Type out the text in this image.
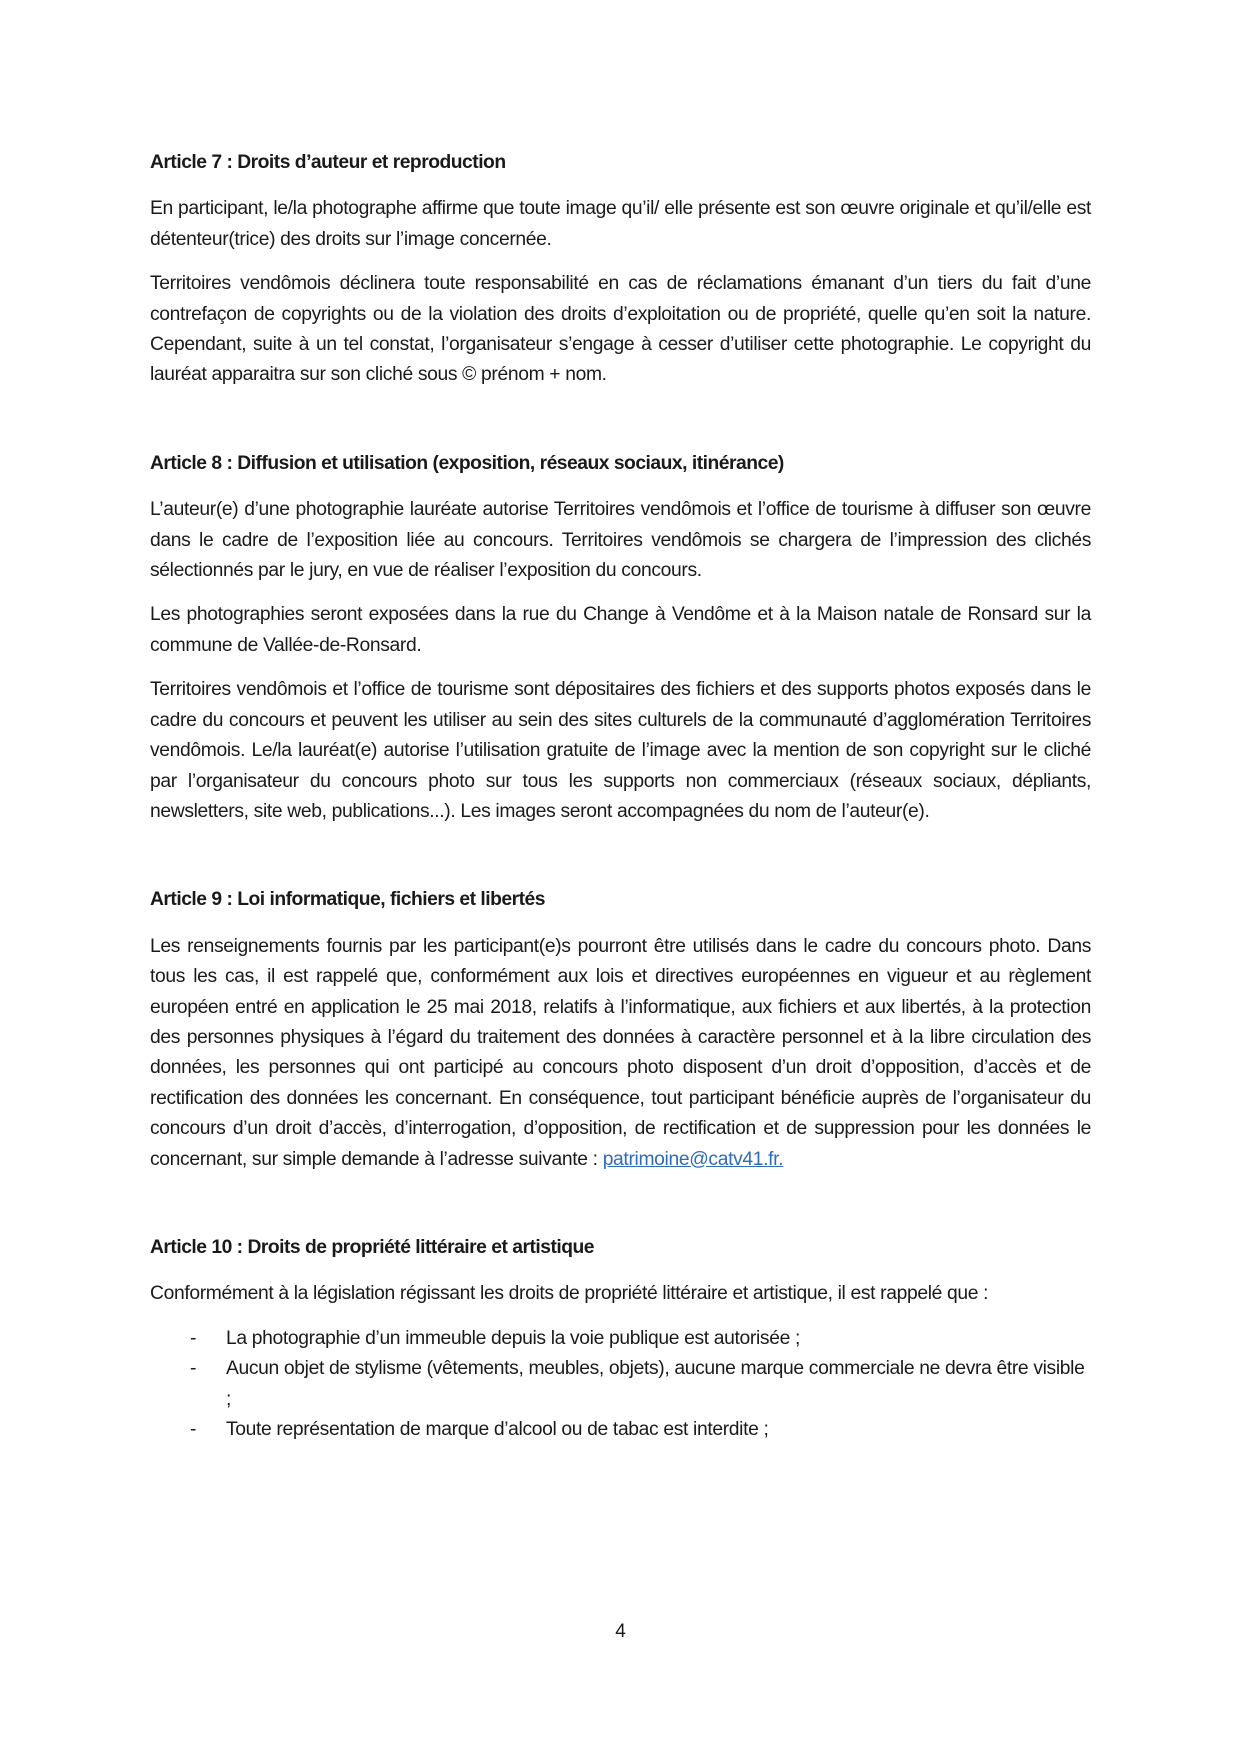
Article 7 : Droits d’auteur et reproduction

En participant, le/la photographe affirme que toute image qu’il/ elle présente est son œuvre originale et qu’il/elle est détenteur(trice) des droits sur l’image concernée.

Territoires vendômois déclinera toute responsabilité en cas de réclamations émanant d’un tiers du fait d’une contrefaçon de copyrights ou de la violation des droits d’exploitation ou de propriété, quelle qu’en soit la nature. Cependant, suite à un tel constat, l’organisateur s’engage à cesser d’utiliser cette photographie. Le copyright du lauréat apparaitra sur son cliché sous © prénom + nom.

Article 8 : Diffusion et utilisation (exposition, réseaux sociaux, itinérance)

L’auteur(e) d’une photographie lauréate autorise Territoires vendômois et l’office de tourisme à diffuser son œuvre dans le cadre de l’exposition liée au concours. Territoires vendômois se chargera de l’impression des clichés sélectionnés par le jury, en vue de réaliser l’exposition du concours.

Les photographies seront exposées dans la rue du Change à Vendôme et à la Maison natale de Ronsard sur la commune de Vallée-de-Ronsard.

Territoires vendômois et l’office de tourisme sont dépositaires des fichiers et des supports photos exposés dans le cadre du concours et peuvent les utiliser au sein des sites culturels de la communauté d’agglomération Territoires vendômois. Le/la lauréat(e) autorise l’utilisation gratuite de l’image avec la mention de son copyright sur le cliché par l’organisateur du concours photo sur tous les supports non commerciaux (réseaux sociaux, dépliants, newsletters, site web, publications...). Les images seront accompagnées du nom de l’auteur(e).

Article 9 : Loi informatique, fichiers et libertés

Les renseignements fournis par les participant(e)s pourront être utilisés dans le cadre du concours photo. Dans tous les cas, il est rappelé que, conformément aux lois et directives européennes en vigueur et au règlement européen entré en application le 25 mai 2018, relatifs à l’informatique, aux fichiers et aux libertés, à la protection des personnes physiques à l’égard du traitement des données à caractère personnel et à la libre circulation des données, les personnes qui ont participé au concours photo disposent d’un droit d’opposition, d’accès et de rectification des données les concernant. En conséquence, tout participant bénéficie auprès de l’organisateur du concours d’un droit d’accès, d’interrogation, d’opposition, de rectification et de suppression pour les données le concernant, sur simple demande à l’adresse suivante : patrimoine@catv41.fr.

Article 10 : Droits de propriété littéraire et artistique

Conformément à la législation régissant les droits de propriété littéraire et artistique, il est rappelé que :

- La photographie d’un immeuble depuis la voie publique est autorisée ;
- Aucun objet de stylisme (vêtements, meubles, objets), aucune marque commerciale ne devra être visible ;
- Toute représentation de marque d’alcool ou de tabac est interdite ;
4
